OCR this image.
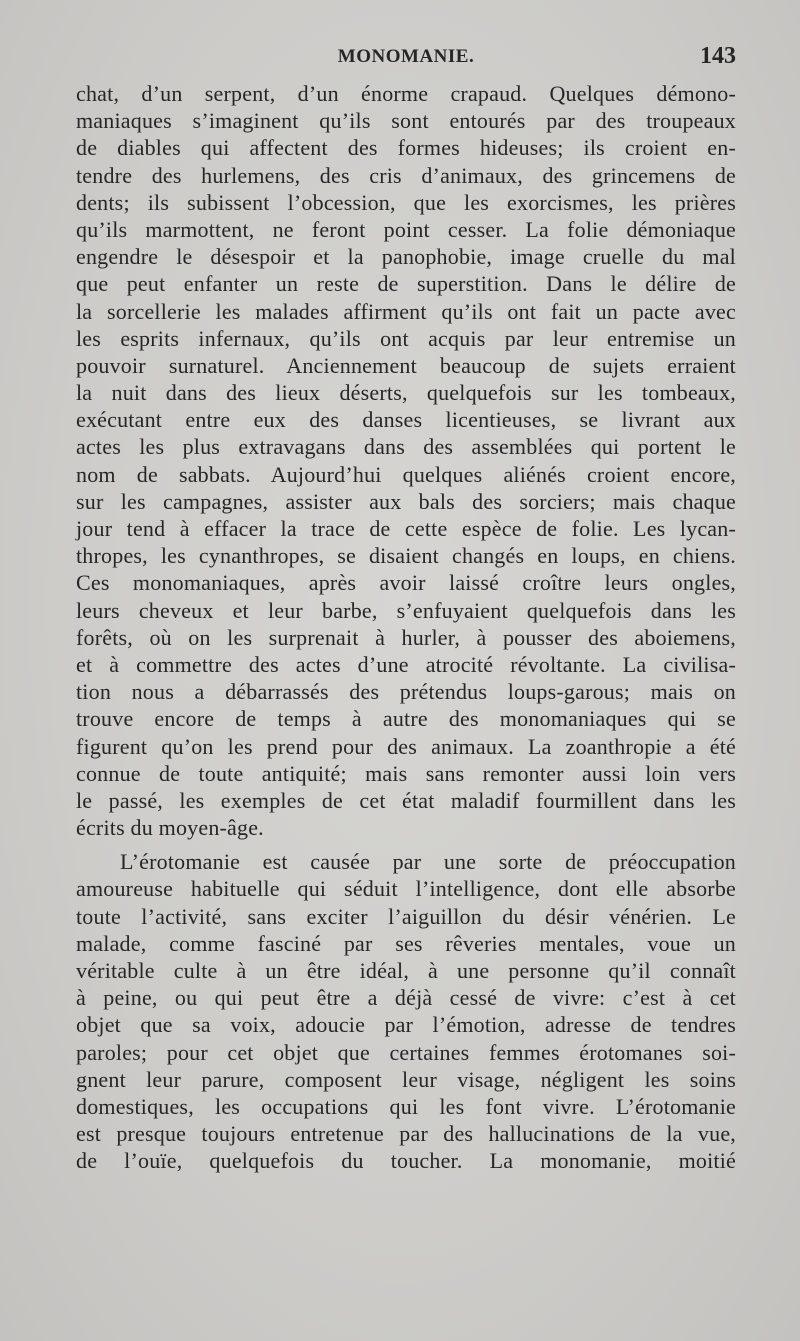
MONOMANIE.	143
chat, d’un serpent, d’un énorme crapaud. Quelques démono-
maniaques s’imaginent qu’ils sont entourés par des troupeaux
de diables qui affectent des formes hideuses; ils croient en-
tendre des hurlemens, des cris d’animaux, des grincemens de
dents; ils subissent l’obcession, que les exorcismes, les prières
qu’ils marmottent, ne feront point cesser. La folie démoniaque
engendre le désespoir et la panophobie, image cruelle du mal
que peut enfanter un reste de superstition. Dans le délire de
la sorcellerie les malades affirment qu’ils ont fait un pacte avec
les esprits infernaux, qu’ils ont acquis par leur entremise un
pouvoir surnaturel. Anciennement beaucoup de sujets erraient
la nuit dans des lieux déserts, quelquefois sur les tombeaux,
exécutant entre eux des danses licentieuses, se livrant aux
actes les plus extravagans dans des assemblées qui portent le
nom de sabbats. Aujourd’hui quelques aliénés croient encore,
sur les campagnes, assister aux bals des sorciers; mais chaque
jour tend à effacer la trace de cette espèce de folie. Les lycan-
thropes, les cynanthropes, se disaient changés en loups, en chiens.
Ces monomaniaques, après avoir laissé croître leurs ongles,
leurs cheveux et leur barbe, s’enfuyaient quelquefois dans les
forêts, où on les surprenait à hurler, à pousser des aboiemens,
et à commettre des actes d’une atrocité révoltante. La civilisa-
tion nous a débarrassés des prétendus loups-garous; mais on
trouve encore de temps à autre des monomaniaques qui se
figurent qu’on les prend pour des animaux. La zoanthropie a été
connue de toute antiquité; mais sans remonter aussi loin vers
le passé, les exemples de cet état maladif fourmillent dans les
écrits du moyen-âge.
L’érotomanie est causée par une sorte de préoccupation
amoureuse habituelle qui séduit l’intelligence, dont elle absorbe
toute l’activité, sans exciter l’aiguillon du désir vénérien. Le
malade, comme fasciné par ses rêveries mentales, voue un
véritable culte à un être idéal, à une personne qu’il connaît
à peine, ou qui peut être a déjà cessé de vivre: c’est à cet
objet que sa voix, adoucie par l’émotion, adresse de tendres
paroles; pour cet objet que certaines femmes érotomanes soi-
gnent leur parure, composent leur visage, négligent les soins
domestiques, les occupations qui les font vivre. L’érotomanie
est presque toujours entretenue par des hallucinations de la vue,
de l’ouïe, quelquefois du toucher. La monomanie, moitié
